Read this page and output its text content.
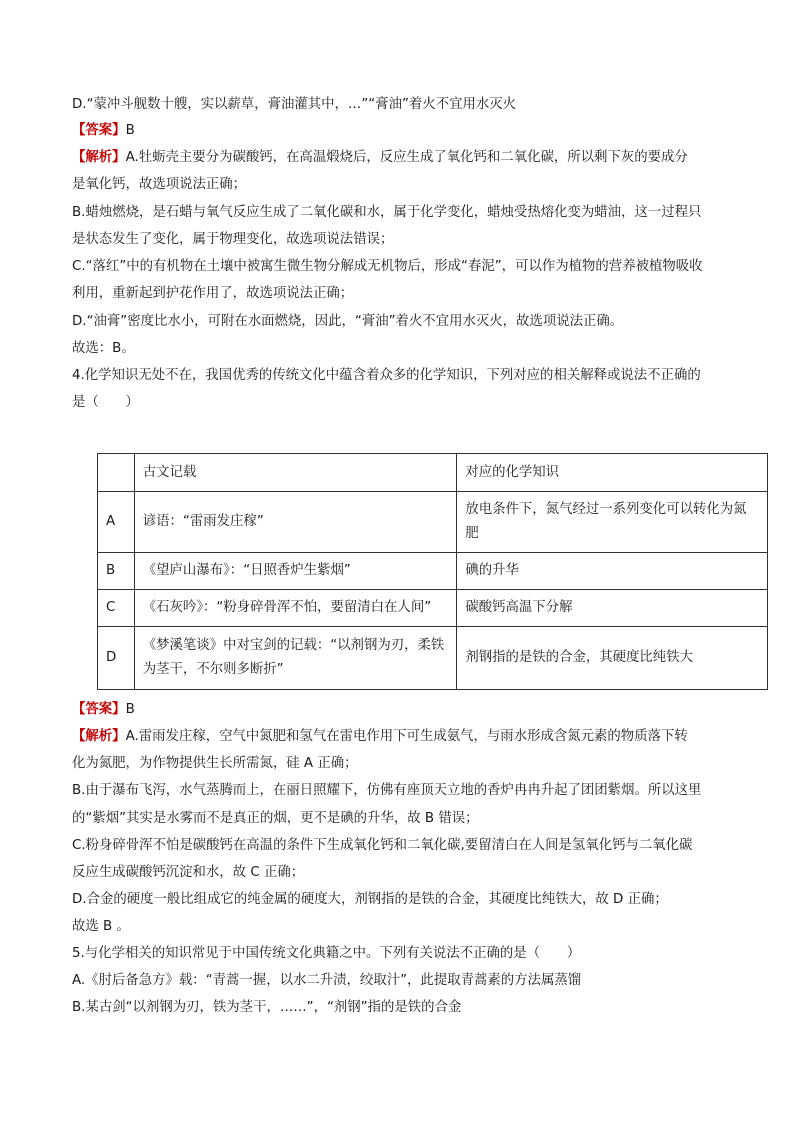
D.“蒙冲斗舰数十艘，实以薪草，膏油灌其中，…”“膏油”着火不宜用水灭火
【答案】B
【解析】A.牡蛎壳主要分为碳酸钙，在高温煅烧后，反应生成了氧化钙和二氧化碳，所以剩下灰的要成分
是氧化钙，故选项说法正确；
B.蜡烛燃烧，是石蜡与氧气反应生成了二氧化碳和水，属于化学变化，蜡烛受热熔化变为蜡油，这一过程只
是状态发生了变化，属于物理变化，故选项说法错误；
C.“落红”中的有机物在土壤中被寓生微生物分解成无机物后，形成“春泥”，可以作为植物的营养被植物吸收
利用，重新起到护花作用了，故选项说法正确；
D.“油膏”密度比水小，可附在水面燃烧，因此，“膏油”着火不宜用水灭火，故选项说法正确。
故选：B。
4.化学知识无处不在，我国优秀的传统文化中蕴含着众多的化学知识，下列对应的相关解释或说法不正确的
是（　　）
	古文记载	对应的化学知识
A	谚语：“雷雨发庄稼”	放电条件下，氮气经过一系列变化可以转化为氮肥
B	《望庐山瀑布》：“日照香炉生紫烟”	碘的升华
C	《石灰吟》：“粉身碎骨浑不怕，要留清白在人间”	碳酸钙高温下分解
D	《梦溪笔谈》中对宝剑的记载：“以剂钢为刃，柔铁为茎干，不尔则多断折”	剂钢指的是铁的合金，其硬度比纯铁大
【答案】B
【解析】A.雷雨发庄稼，空气中氮肥和氢气在雷电作用下可生成氨气，与雨水形成含氮元素的物质落下转
化为氮肥，为作物提供生长所需氮，硅 A 正确；
B.由于瀑布飞泻，水气蒸腾而上，在丽日照耀下，仿佛有座顶天立地的香炉冉冉升起了团团紫烟。所以这里
的“紫烟”其实是水雾而不是真正的烟，更不是碘的升华，故 B 错误；
C.粉身碎骨浑不怕是碳酸钙在高温的条件下生成氧化钙和二氧化碳,要留清白在人间是氢氧化钙与二氧化碳
反应生成碳酸钙沉淀和水，故 C 正确；
D.合金的硬度一般比组成它的纯金属的硬度大，剂钢指的是铁的合金，其硬度比纯铁大，故 D 正确；
故选 B 。
5.与化学相关的知识常见于中国传统文化典籍之中。下列有关说法不正确的是（　　）
A.《肘后备急方》载：“青蒿一握，以水二升渍，绞取汁”，此提取青蒿素的方法属蒸馏
B.某古剑“以剂钢为刃，铁为茎干，……”，“剂钢”指的是铁的合金
